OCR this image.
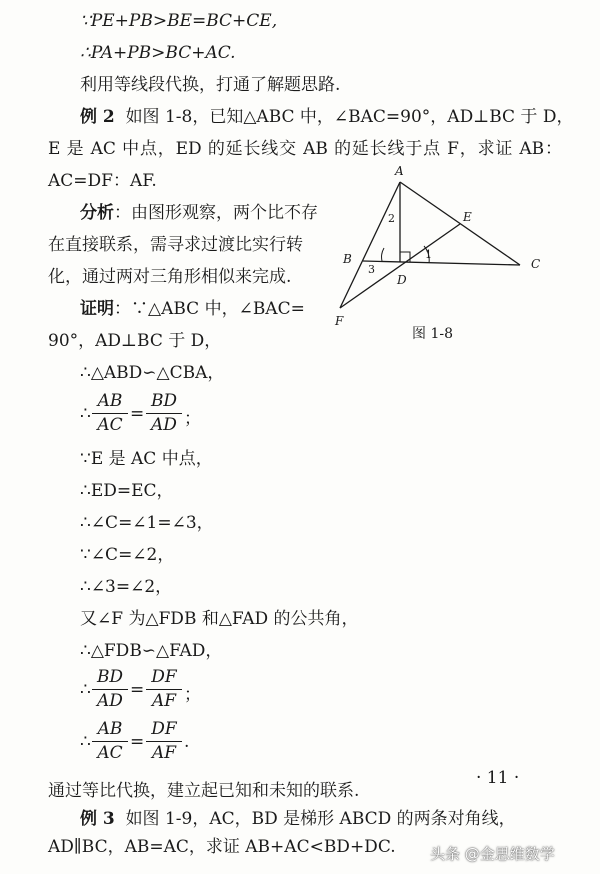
∵PE+PB>BE=BC+CE,
∴PA+PB>BC+AC.
利用等线段代换，打通了解题思路.
例 2 如图 1-8，已知△ABC 中，∠BAC=90°，AD⊥BC 于 D，
E 是 AC 中点，ED 的延长线交 AB 的延长线于点 F，求证 AB：
AC=DF：AF.
分析：由图形观察，两个比不存
在直接联系，需寻求过渡比实行转
化，通过两对三角形相似来完成.
证明：∵△ABC 中，∠BAC=
90°，AD⊥BC 于 D，
∴△ABD∽△CBA，
∴
AB
AC
=
BD
AD ；
∵E 是 AC 中点，
∴ED=EC，
∴∠C=∠1=∠3，
∵∠C=∠2，
∴∠3=∠2，
又∠F 为△FDB 和△FAD 的公共角，
∴△FDB∽△FAD，
∴
BD
AD
=
DF
AF ；
∴
AB
AC
=
DF
AF
.
通过等比代换，建立起已知和未知的联系.
例 3 如图 1-9，AC，BD 是梯形 ABCD 的两条对角线，
AD∥BC，AB=AC，求证 AB+AC<BD+DC.
· 11 ·
A
B	C
D
E
F
1
2
3
图 1-8
头条 @金思维数学
